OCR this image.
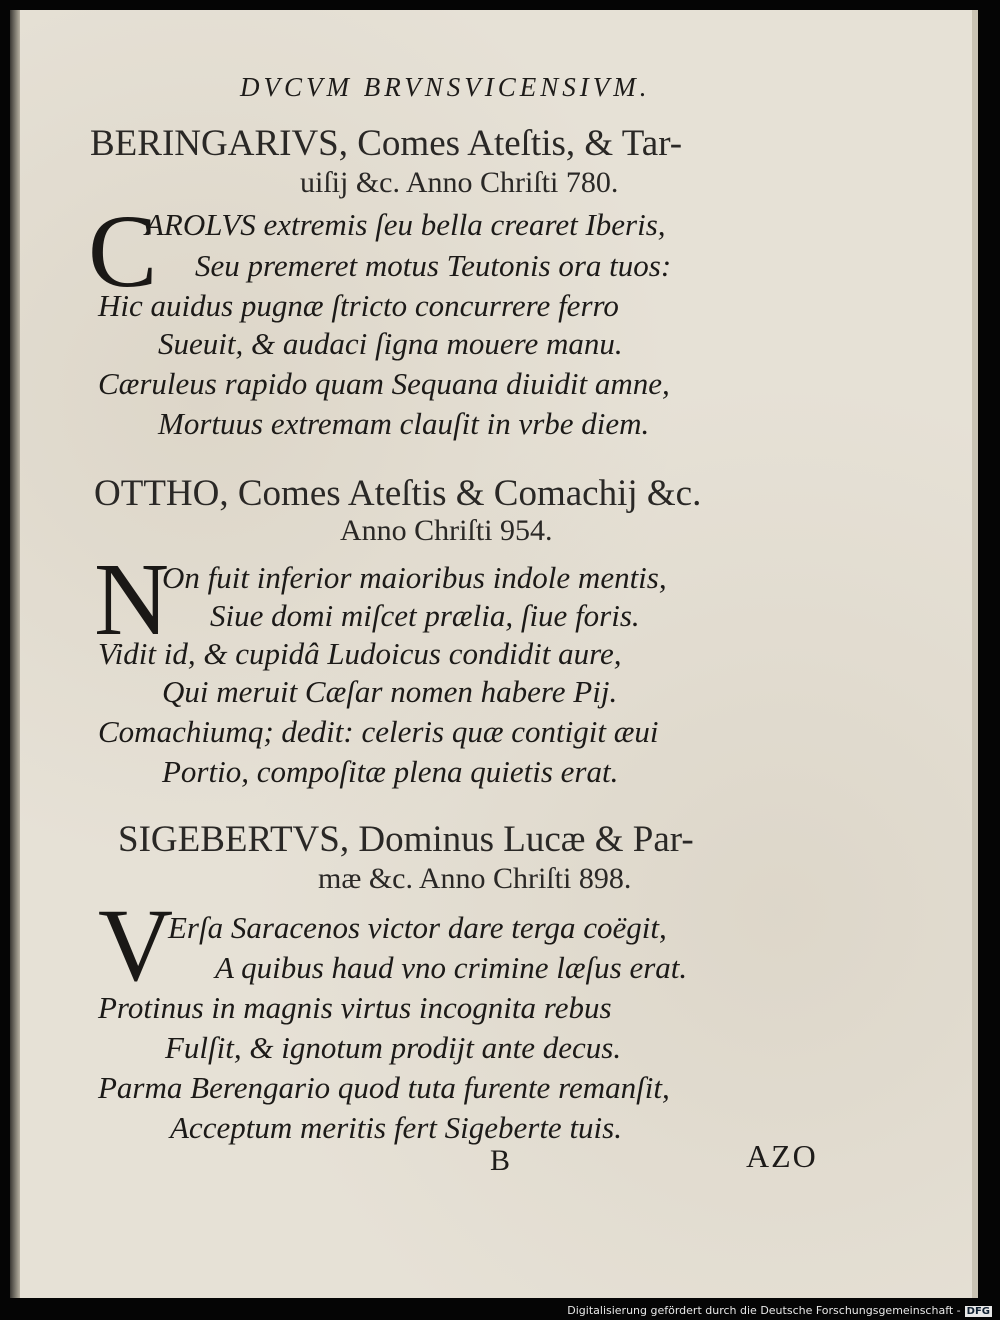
DVCVM BRVNSVICENSIVM.
BERINGARIVS, Comes Ateſtis, & Tar-
uiſij &c. Anno Chriſti 780.
C
AROLVS extremis ſeu bella crearet Iberis,
Seu premeret motus Teutonis ora tuos:
Hic auidus pugnæ ſtricto concurrere ferro
Sueuit, & audaci ſigna mouere manu.
Cæruleus rapido quam Sequana diuidit amne,
Mortuus extremam clauſit in vrbe diem.
OTTHO, Comes Ateſtis & Comachij &c.
Anno Chriſti 954.
N
On fuit inferior maioribus indole mentis,
Siue domi miſcet prælia, ſiue foris.
Vidit id, & cupidâ Ludoicus condidit aure,
Qui meruit Cæſar nomen habere Pij.
Comachiumq; dedit: celeris quæ contigit æui
Portio, compoſitæ plena quietis erat.
SIGEBERTVS, Dominus Lucæ & Par-
mæ &c. Anno Chriſti 898.
V
Erſa Saracenos victor dare terga coëgit,
A quibus haud vno crimine læſus erat.
Protinus in magnis virtus incognita rebus
Fulſit, & ignotum prodijt ante decus.
Parma Berengario quod tuta furente remanſit,
Acceptum meritis fert Sigeberte tuis.
B	AZO
Digitalisierung gefördert durch die Deutsche Forschungsgemeinschaft - DFG
